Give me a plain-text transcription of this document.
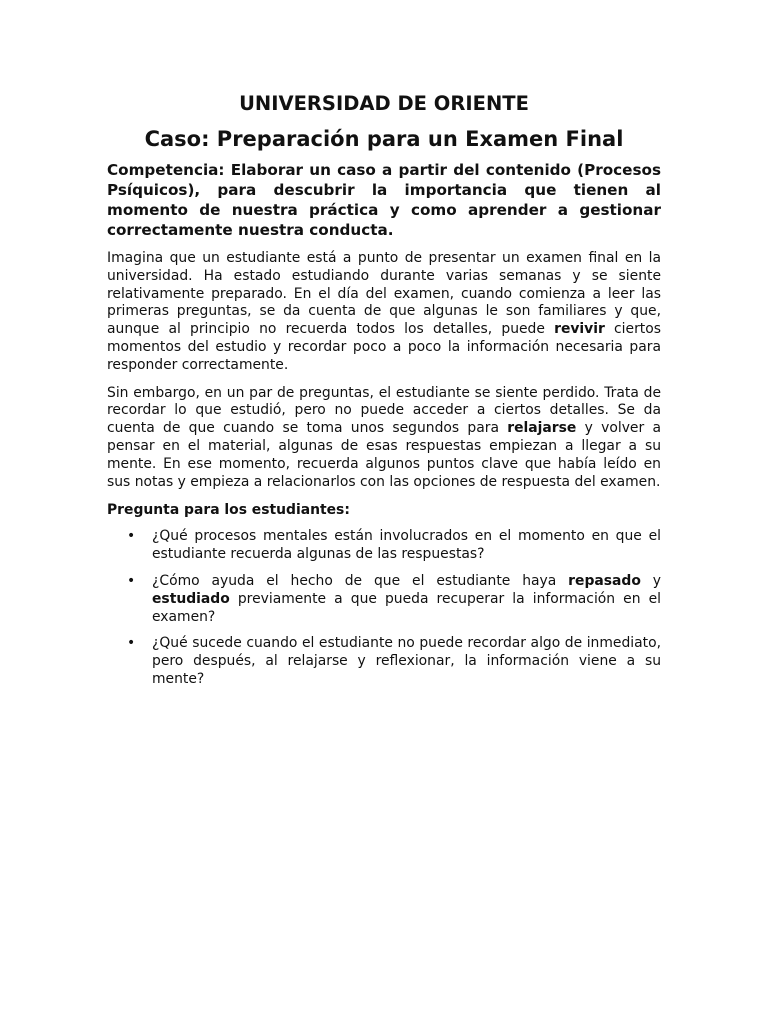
UNIVERSIDAD DE ORIENTE
Caso: Preparación para un Examen Final

Competencia: Elaborar un caso a partir del contenido (Procesos Psíquicos), para descubrir la importancia que tienen al momento de nuestra práctica y como aprender a gestionar correctamente nuestra conducta.

Imagina que un estudiante está a punto de presentar un examen final en la universidad. Ha estado estudiando durante varias semanas y se siente relativamente preparado. En el día del examen, cuando comienza a leer las primeras preguntas, se da cuenta de que algunas le son familiares y que, aunque al principio no recuerda todos los detalles, puede revivir ciertos momentos del estudio y recordar poco a poco la información necesaria para responder correctamente.

Sin embargo, en un par de preguntas, el estudiante se siente perdido. Trata de recordar lo que estudió, pero no puede acceder a ciertos detalles. Se da cuenta de que cuando se toma unos segundos para relajarse y volver a pensar en el material, algunas de esas respuestas empiezan a llegar a su mente. En ese momento, recuerda algunos puntos clave que había leído en sus notas y empieza a relacionarlos con las opciones de respuesta del examen.

Pregunta para los estudiantes:

• ¿Qué procesos mentales están involucrados en el momento en que el estudiante recuerda algunas de las respuestas?
• ¿Cómo ayuda el hecho de que el estudiante haya repasado y estudiado previamente a que pueda recuperar la información en el examen?
• ¿Qué sucede cuando el estudiante no puede recordar algo de inmediato, pero después, al relajarse y reflexionar, la información viene a su mente?
